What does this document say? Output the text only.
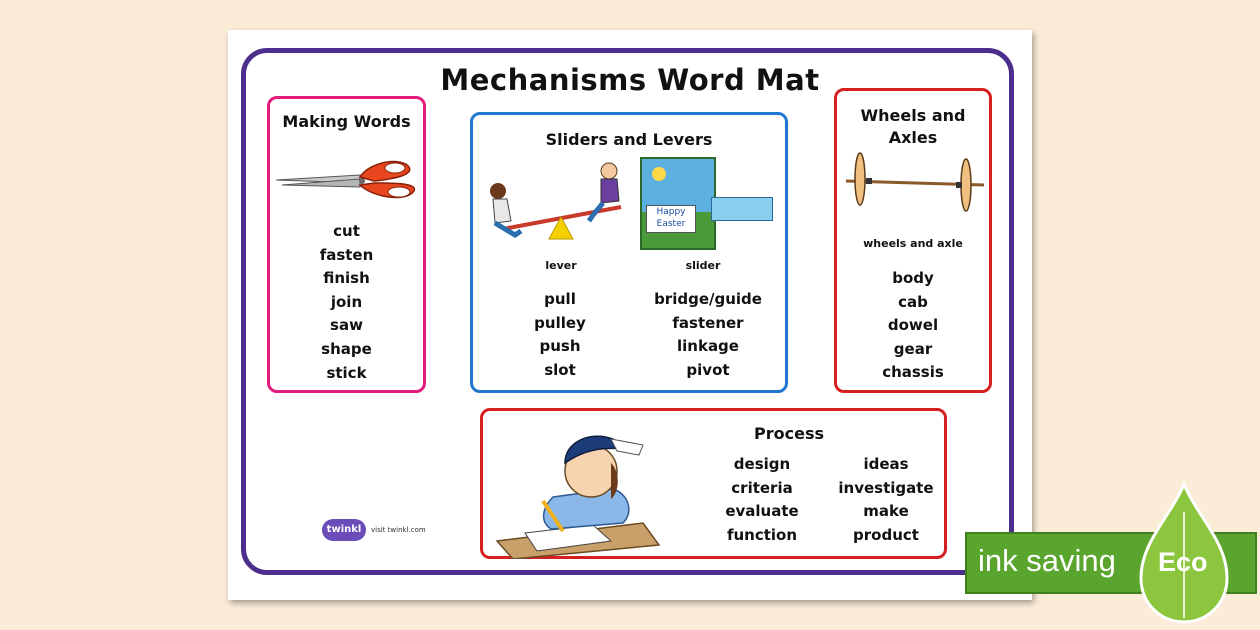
Mechanisms Word Mat
Making Words
cut
fasten
finish
join
saw
shape
stick
Sliders and Levers
Happy
Easter
lever	slider
pull
pulley
push
slot
bridge/guide
fastener
linkage
pivot
Wheels and Axles
wheels and axle
body
cab
dowel
gear
chassis
Process
design
criteria
evaluate
function
ideas
investigate
make
product
twinkl	visit twinkl.com
ink saving Eco
